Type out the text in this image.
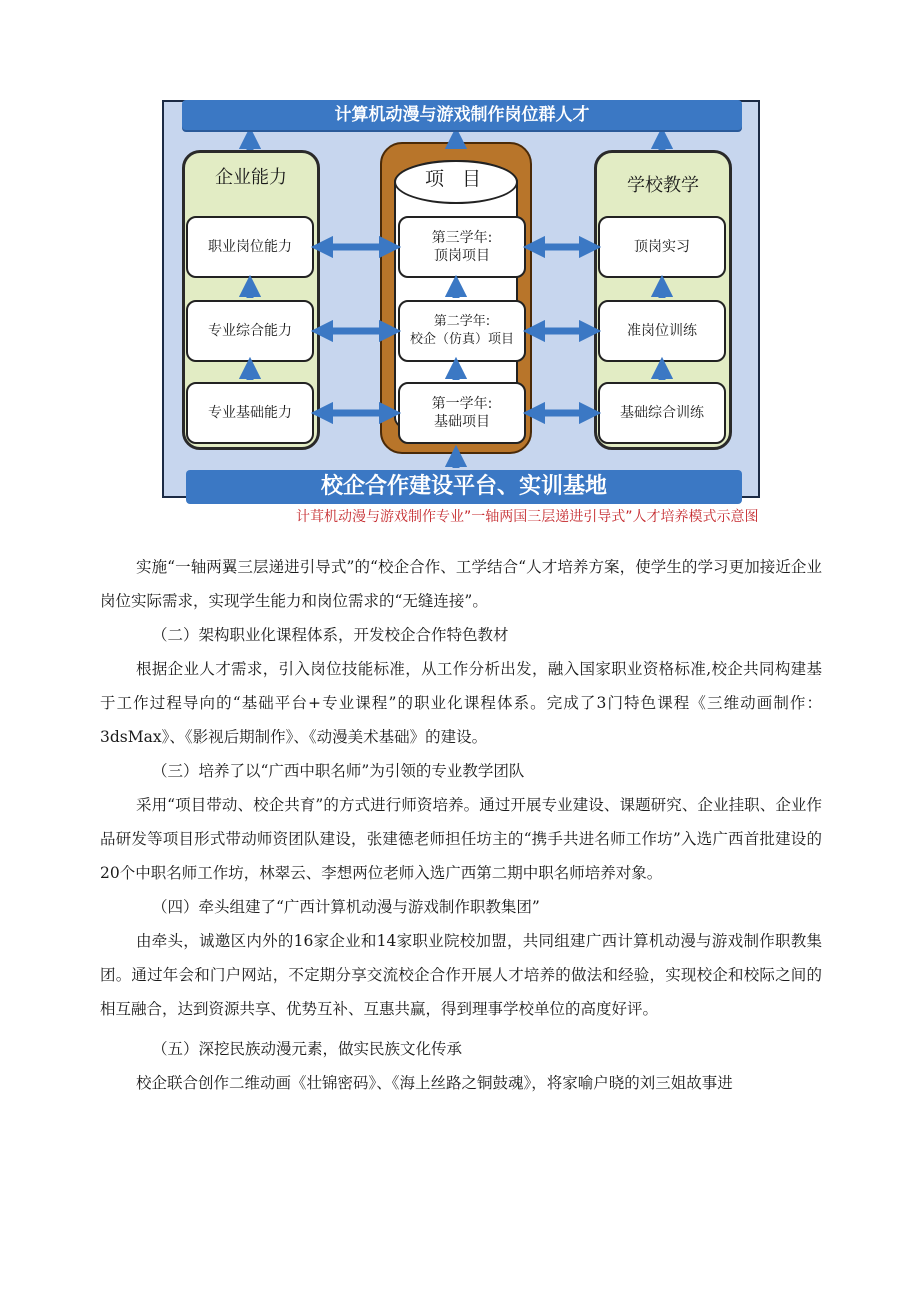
企业能力	学校教学
项 目
职业岗位能力
专业综合能力
专业基础能力
第三学年:
顶岗项目
第二学年:
校企（仿真）项目
第一学年:
基础项目
顶岗实习
准岗位训练
基础综合训练
计算机动漫与游戏制作岗位群人才
校企合作建设平台、实训基地
计茸机动漫与游戏制作专业”一轴两国三层递进引导式”人才培养模式示意图

实施“一轴两翼三层递进引导式”的“校企合作、工学结合“人才培养方案，使学生的学习更加接近企业岗位实际需求，实现学生能力和岗位需求的“无缝连接”。

（二）架构职业化课程体系，开发校企合作特色教材

根据企业人才需求，引入岗位技能标准，从工作分析出发，融入国家职业资格标准,校企共同构建基于工作过程导向的“基础平台+专业课程”的职业化课程体系。完成了3门特色课程《三维动画制作：3dsMax》、《影视后期制作》、《动漫美术基础》的建设。

（三）培养了以“广西中职名师”为引领的专业教学团队

采用“项目带动、校企共育”的方式进行师资培养。通过开展专业建设、课题研究、企业挂职、企业作品研发等项目形式带动师资团队建设，张建德老师担任坊主的“携手共进名师工作坊”入选广西首批建设的20个中职名师工作坊，林翠云、李想两位老师入选广西第二期中职名师培养对象。

（四）牵头组建了“广西计算机动漫与游戏制作职教集团”

由牵头，诚邀区内外的16家企业和14家职业院校加盟，共同组建广西计算机动漫与游戏制作职教集团。通过年会和门户网站，不定期分享交流校企合作开展人才培养的做法和经验，实现校企和校际之间的相互融合，达到资源共享、优势互补、互惠共赢，得到理事学校单位的高度好评。

（五）深挖民族动漫元素，做实民族文化传承

校企联合创作二维动画《壮锦密码》、《海上丝路之铜鼓魂》，将家喻户晓的刘三姐故事进
